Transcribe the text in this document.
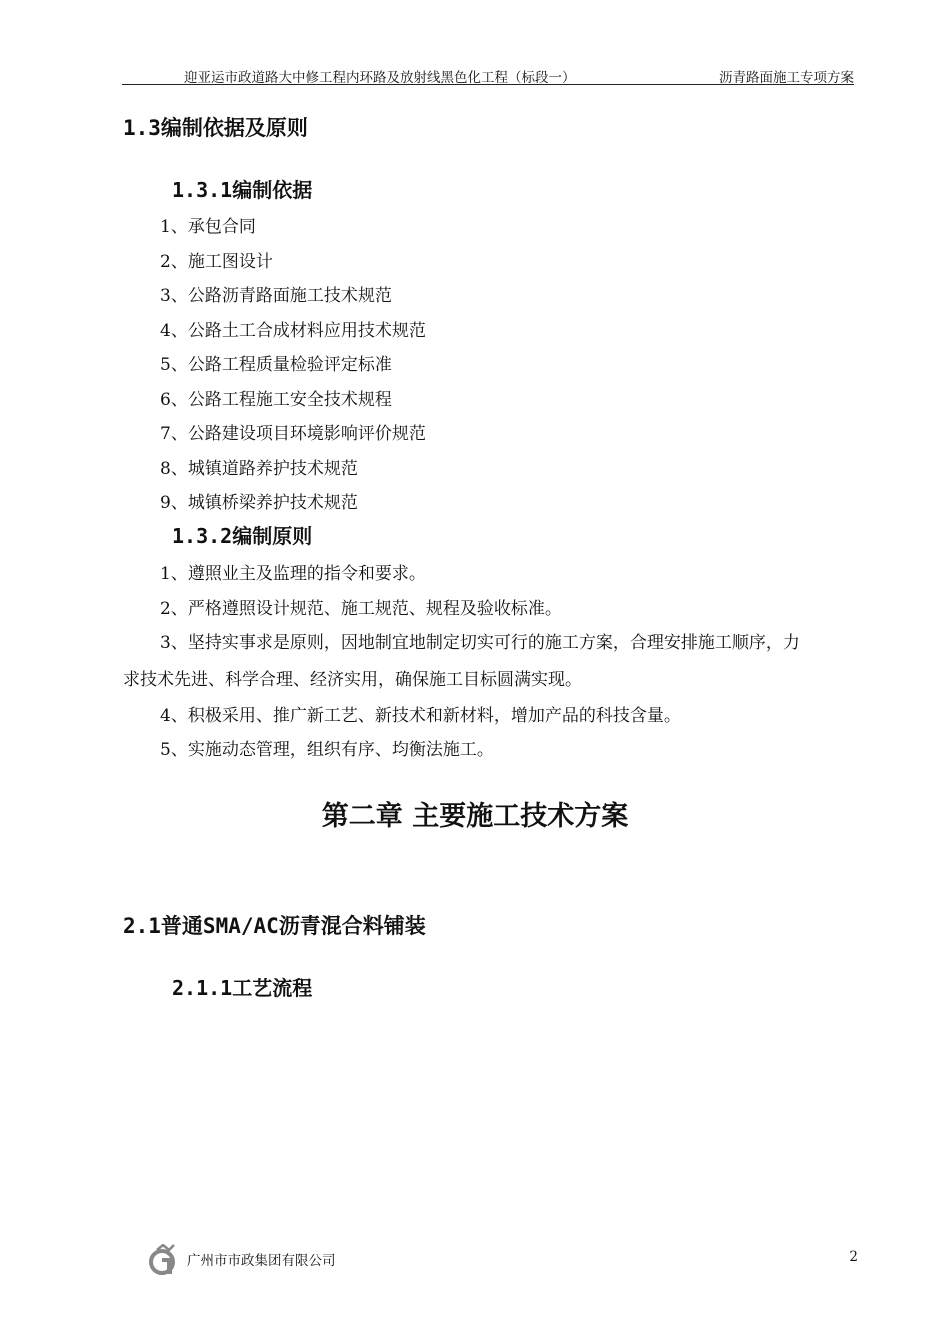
迎亚运市政道路大中修工程内环路及放射线黑色化工程（标段一）	沥青路面施工专项方案
1.3编制依据及原则
1.3.1编制依据
1、承包合同
2、施工图设计
3、公路沥青路面施工技术规范
4、公路土工合成材料应用技术规范
5、公路工程质量检验评定标准
6、公路工程施工安全技术规程
7、公路建设项目环境影响评价规范
8、城镇道路养护技术规范
9、城镇桥梁养护技术规范
1.3.2编制原则
1、遵照业主及监理的指令和要求。
2、严格遵照设计规范、施工规范、规程及验收标准。
3、坚持实事求是原则，因地制宜地制定切实可行的施工方案，合理安排施工顺序，力
求技术先进、科学合理、经济实用，确保施工目标圆满实现。
4、积极采用、推广新工艺、新技术和新材料，增加产品的科技含量。
5、实施动态管理，组织有序、均衡法施工。
第二章 主要施工技术方案
2.1普通SMA/AC沥青混合料铺装
2.1.1工艺流程
广州市市政集团有限公司	2
